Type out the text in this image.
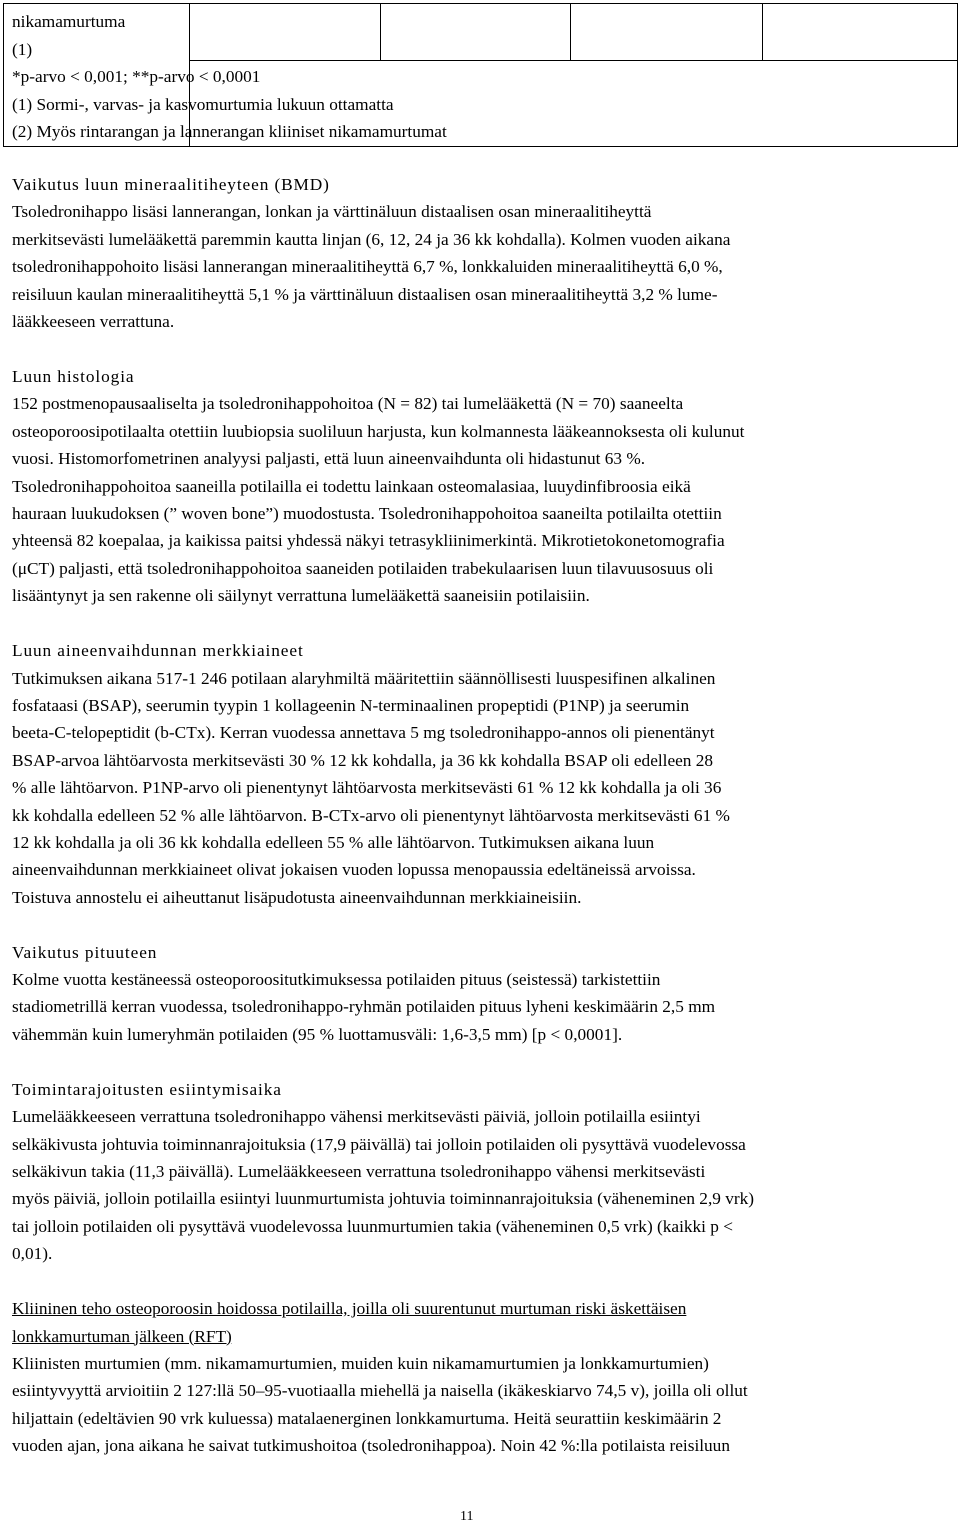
nikamamurtuma
(1)
*p-arvo < 0,001; **p-arvo < 0,0001
(1) Sormi-, varvas- ja kasvomurtumia lukuun ottamatta
(2) Myös rintarangan ja lannerangan kliiniset nikamamurtumat

Vaikutus luun mineraalitiheyteen (BMD)
Tsoledronihappo lisäsi lannerangan, lonkan ja värttinäluun distaalisen osan mineraalitiheyttä
merkitsevästi lumelääkettä paremmin kautta linjan (6, 12, 24 ja 36 kk kohdalla). Kolmen vuoden aikana
tsoledronihappohoito lisäsi lannerangan mineraalitiheyttä 6,7 %, lonkkaluiden mineraalitiheyttä 6,0 %,
reisiluun kaulan mineraalitiheyttä 5,1 % ja värttinäluun distaalisen osan mineraalitiheyttä 3,2 % lume-
lääkkeeseen verrattuna.
Luun histologia
152 postmenopausaaliselta ja tsoledronihappohoitoa (N = 82) tai lumelääkettä (N = 70) saaneelta
osteoporoosipotilaalta otettiin luubiopsia suoliluun harjusta, kun kolmannesta lääkeannoksesta oli kulunut
vuosi. Histomorfometrinen analyysi paljasti, että luun aineenvaihdunta oli hidastunut 63 %.
Tsoledronihappohoitoa saaneilla potilailla ei todettu lainkaan osteomalasiaa, luuydinfibroosia eikä
hauraan luukudoksen (” woven bone”) muodostusta. Tsoledronihappohoitoa saaneilta potilailta otettiin
yhteensä 82 koepalaa, ja kaikissa paitsi yhdessä näkyi tetrasykliinimerkintä. Mikrotietokonetomografia
(μCT) paljasti, että tsoledronihappohoitoa saaneiden potilaiden trabekulaarisen luun tilavuusosuus oli
lisääntynyt ja sen rakenne oli säilynyt verrattuna lumelääkettä saaneisiin potilaisiin.
Luun aineenvaihdunnan merkkiaineet
Tutkimuksen aikana 517-1 246 potilaan alaryhmiltä määritettiin säännöllisesti luuspesifinen alkalinen
fosfataasi (BSAP), seerumin tyypin 1 kollageenin N-terminaalinen propeptidi (P1NP) ja seerumin
beeta-C-telopeptidit (b-CTx). Kerran vuodessa annettava 5 mg tsoledronihappo-annos oli pienentänyt
BSAP-arvoa lähtöarvosta merkitsevästi 30 % 12 kk kohdalla, ja 36 kk kohdalla BSAP oli edelleen 28
% alle lähtöarvon. P1NP-arvo oli pienentynyt lähtöarvosta merkitsevästi 61 % 12 kk kohdalla ja oli 36
kk kohdalla edelleen 52 % alle lähtöarvon. B-CTx-arvo oli pienentynyt lähtöarvosta merkitsevästi 61 %
12 kk kohdalla ja oli 36 kk kohdalla edelleen 55 % alle lähtöarvon. Tutkimuksen aikana luun
aineenvaihdunnan merkkiaineet olivat jokaisen vuoden lopussa menopaussia edeltäneissä arvoissa.
Toistuva annostelu ei aiheuttanut lisäpudotusta aineenvaihdunnan merkkiaineisiin.
Vaikutus pituuteen
Kolme vuotta kestäneessä osteoporoositutkimuksessa potilaiden pituus (seistessä) tarkistettiin
stadiometrillä kerran vuodessa, tsoledronihappo-ryhmän potilaiden pituus lyheni keskimäärin 2,5 mm
vähemmän kuin lumeryhmän potilaiden (95 % luottamusväli: 1,6-3,5 mm) [p < 0,0001].
Toimintarajoitusten esiintymisaika
Lumelääkkeeseen verrattuna tsoledronihappo vähensi merkitsevästi päiviä, jolloin potilailla esiintyi
selkäkivusta johtuvia toiminnanrajoituksia (17,9 päivällä) tai jolloin potilaiden oli pysyttävä vuodelevossa
selkäkivun takia (11,3 päivällä). Lumelääkkeeseen verrattuna tsoledronihappo vähensi merkitsevästi
myös päiviä, jolloin potilailla esiintyi luunmurtumista johtuvia toiminnanrajoituksia (väheneminen 2,9 vrk)
tai jolloin potilaiden oli pysyttävä vuodelevossa luunmurtumien takia (väheneminen 0,5 vrk) (kaikki p <
0,01).
Kliininen teho osteoporoosin hoidossa potilailla, joilla oli suurentunut murtuman riski äskettäisen
lonkkamurtuman jälkeen (RFT)
Kliinisten murtumien (mm. nikamamurtumien, muiden kuin nikamamurtumien ja lonkkamurtumien)
esiintyvyyttä arvioitiin 2 127:llä 50–95-vuotiaalla miehellä ja naisella (ikäkeskiarvo 74,5 v), joilla oli ollut
hiljattain (edeltävien 90 vrk kuluessa) matalaenerginen lonkkamurtuma. Heitä seurattiin keskimäärin 2
vuoden ajan, jona aikana he saivat tutkimushoitoa (tsoledronihappoa). Noin 42 %:lla potilaista reisiluun
11
